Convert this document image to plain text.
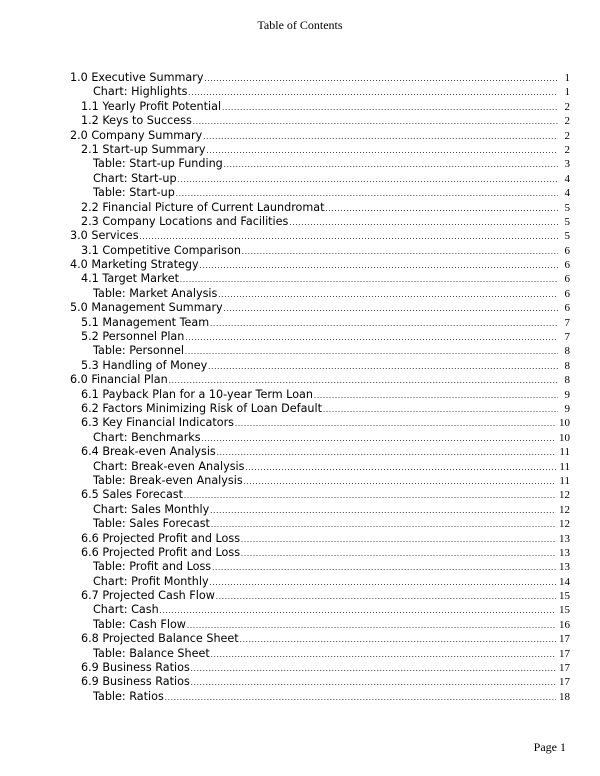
Table of Contents
1.0 Executive Summary .....	1
Chart: Highlights .....	1
1.1 Yearly Profit Potential .....	2
1.2 Keys to Success .....	2
2.0 Company Summary .....	2
2.1 Start-up Summary .....	2
Table: Start-up Funding .....	3
Chart: Start-up .....	4
Table: Start-up .....	4
2.2 Financial Picture of Current Laundromat .....	5
2.3 Company Locations and Facilities .....	5
3.0 Services .....	5
3.1 Competitive Comparison .....	6
4.0 Marketing Strategy .....	6
4.1 Target Market .....	6
Table: Market Analysis .....	6
5.0 Management Summary .....	6
5.1 Management Team .....	7
5.2 Personnel Plan .....	7
Table: Personnel .....	8
5.3 Handling of Money .....	8
6.0 Financial Plan .....	8
6.1 Payback Plan for a 10-year Term Loan .....	9
6.2 Factors Minimizing Risk of Loan Default .....	9
6.3 Key Financial Indicators .....	10
Chart: Benchmarks .....	10
6.4 Break-even Analysis .....	11
Chart: Break-even Analysis .....	11
Table: Break-even Analysis .....	11
6.5 Sales Forecast .....	12
Chart: Sales Monthly .....	12
Table: Sales Forecast .....	12
6.6 Projected Profit and Loss .....	13
6.6 Projected Profit and Loss .....	13
Table: Profit and Loss .....	13
Chart: Profit Monthly .....	14
6.7 Projected Cash Flow .....	15
Chart: Cash .....	15
Table: Cash Flow .....	16
6.8 Projected Balance Sheet .....	17
Table: Balance Sheet .....	17
6.9 Business Ratios .....	17
6.9 Business Ratios .....	17
Table: Ratios .....	18
Page 1
